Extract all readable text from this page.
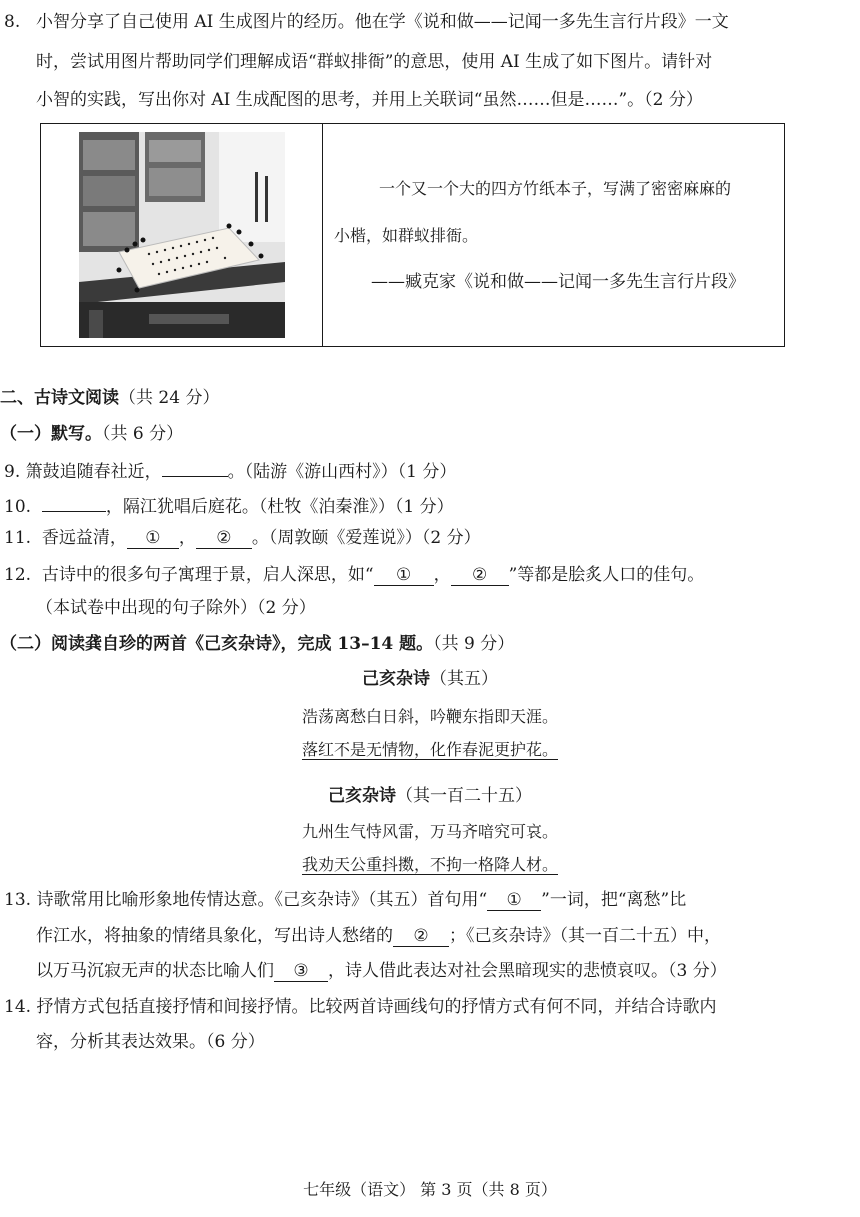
8. 小智分享了自己使用 AI 生成图片的经历。他在学《说和做——记闻一多先生言行片段》一文
时，尝试用图片帮助同学们理解成语“群蚁排衙”的意思，使用 AI 生成了如下图片。请针对
小智的实践，写出你对 AI 生成配图的思考，并用上关联词“虽然……但是……”。（2 分）
一个又一个大的四方竹纸本子，写满了密密麻麻的
小楷，如群蚁排衙。
——臧克家《说和做——记闻一多先生言行片段》
二、古诗文阅读（共 24 分）
（一）默写。（共 6 分）
9. 箫鼓追随春社近，	。（陆游《游山西村》）（1 分）
10.	，隔江犹唱后庭花。（杜牧《泊秦淮》）（1 分）
11. 香远益清， ① ， ② 。（周敦颐《爱莲说》）（2 分）
12. 古诗中的很多句子寓理于景，启人深思，如“ ① ， ② ”等都是脍炙人口的佳句。
（本试卷中出现的句子除外）（2 分）
（二）阅读龚自珍的两首《己亥杂诗》，完成 13–14 题。（共 9 分）
己亥杂诗（其五）
浩荡离愁白日斜，吟鞭东指即天涯。
落红不是无情物，化作春泥更护花。
己亥杂诗（其一百二十五）
九州生气恃风雷，万马齐喑究可哀。
我劝天公重抖擞，不拘一格降人材。
13. 诗歌常用比喻形象地传情达意。《己亥杂诗》（其五）首句用“ ① ”一词，把“离愁”比
作江水，将抽象的情绪具象化，写出诗人愁绪的 ② ；《己亥杂诗》（其一百二十五）中，
以万马沉寂无声的状态比喻人们 ③ ，诗人借此表达对社会黑暗现实的悲愤哀叹。（3 分）
14. 抒情方式包括直接抒情和间接抒情。比较两首诗画线句的抒情方式有何不同，并结合诗歌内
容，分析其表达效果。（6 分）
七年级（语文） 第 3 页（共 8 页）
